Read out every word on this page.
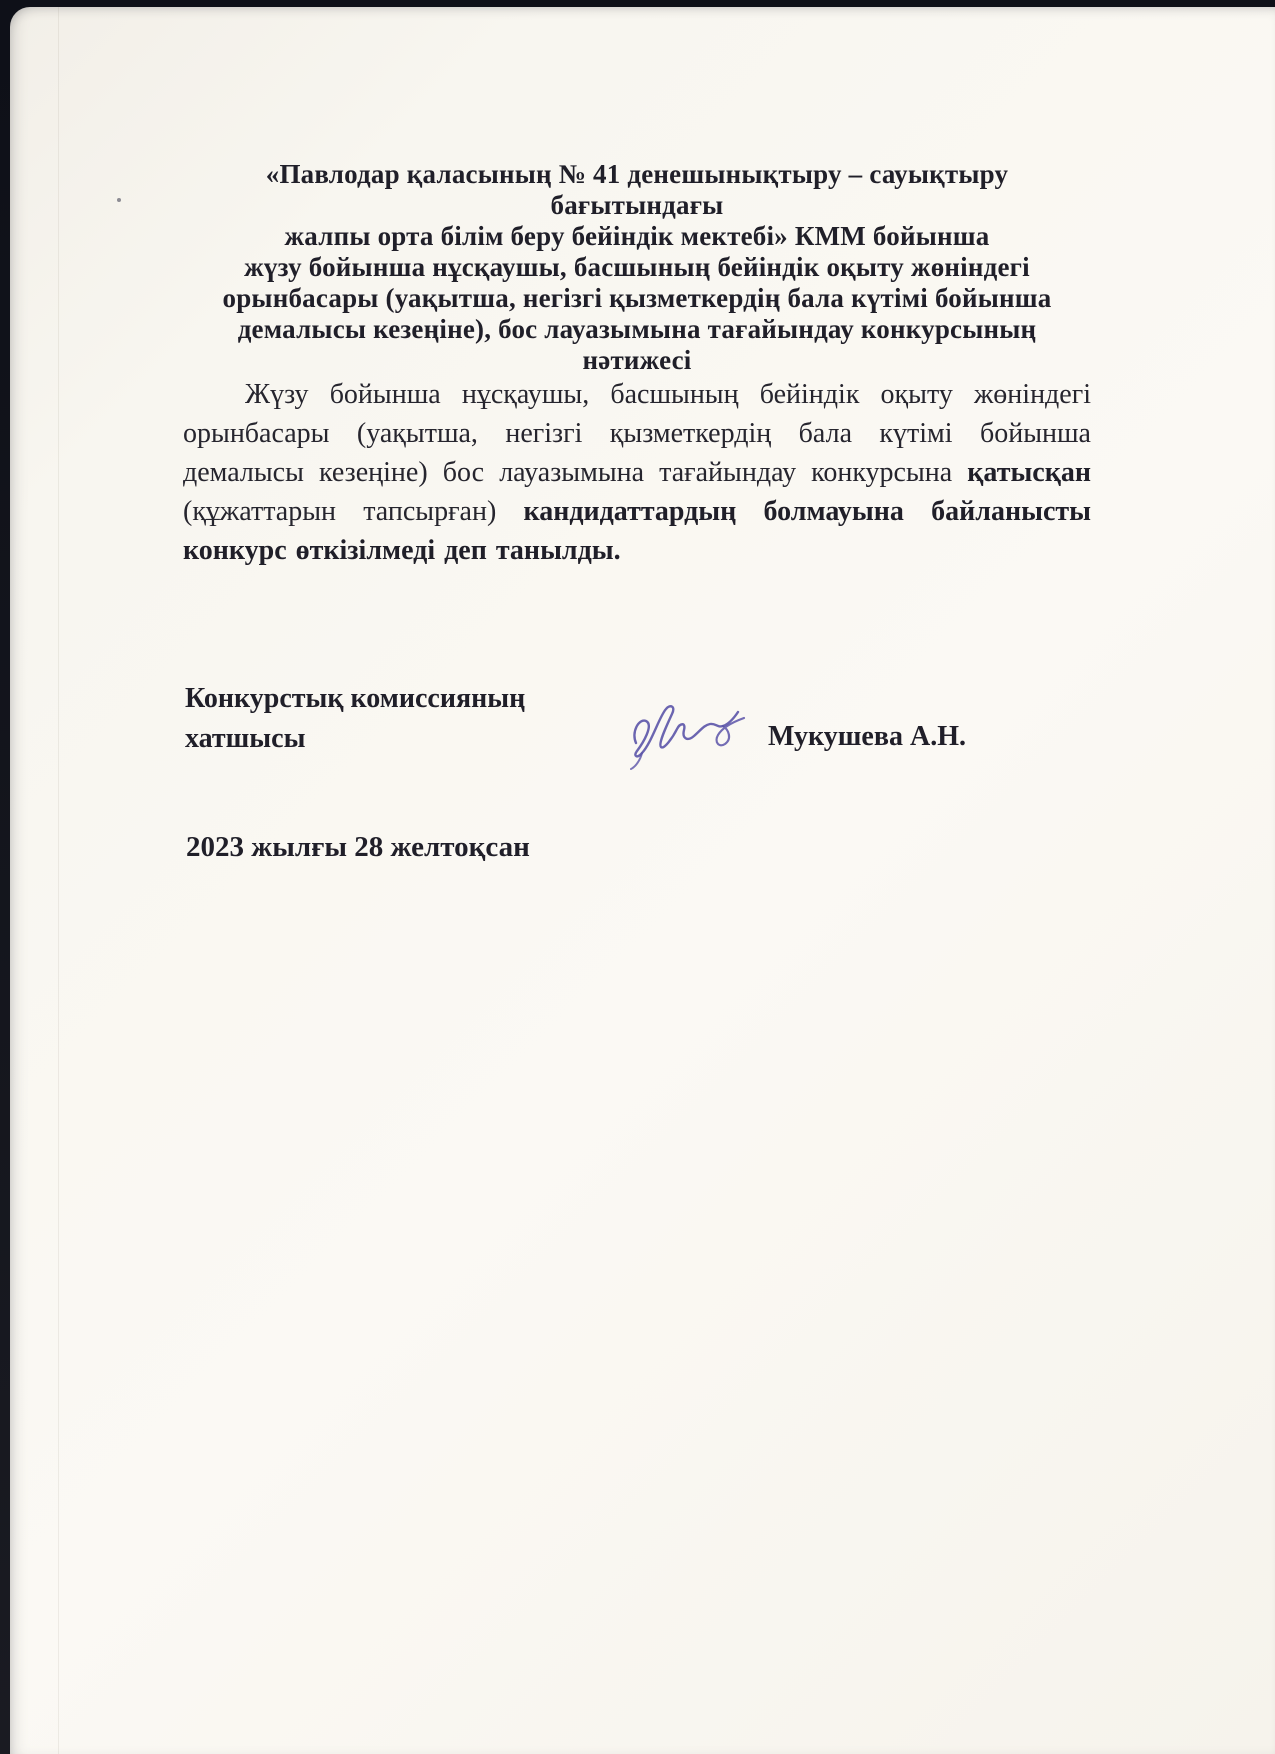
«Павлодар қаласының № 41 денешынықтыру – сауықтыру бағытындағы
жалпы орта білім беру бейіндік мектебі» КММ бойынша
жүзу бойынша нұсқаушы, басшының бейіндік оқыту жөніндегі
орынбасары (уақытша, негізгі қызметкердің бала күтімі бойынша
демалысы кезеңіне), бос лауазымына тағайындау конкурсының нәтижесі

Жүзу бойынша нұсқаушы, басшының бейіндік оқыту жөніндегі орынбасары (уақытша, негізгі қызметкердің бала күтімі бойынша демалысы кезеңіне) бос лауазымына тағайындау конкурсына қатысқан (құжаттарын тапсырған) кандидаттардың болмауына байланысты конкурс өткізілмеді деп танылды.

Конкурстық комиссияның
хатшысы	Мукушева А.Н.
2023 жылғы 28 желтоқсан
